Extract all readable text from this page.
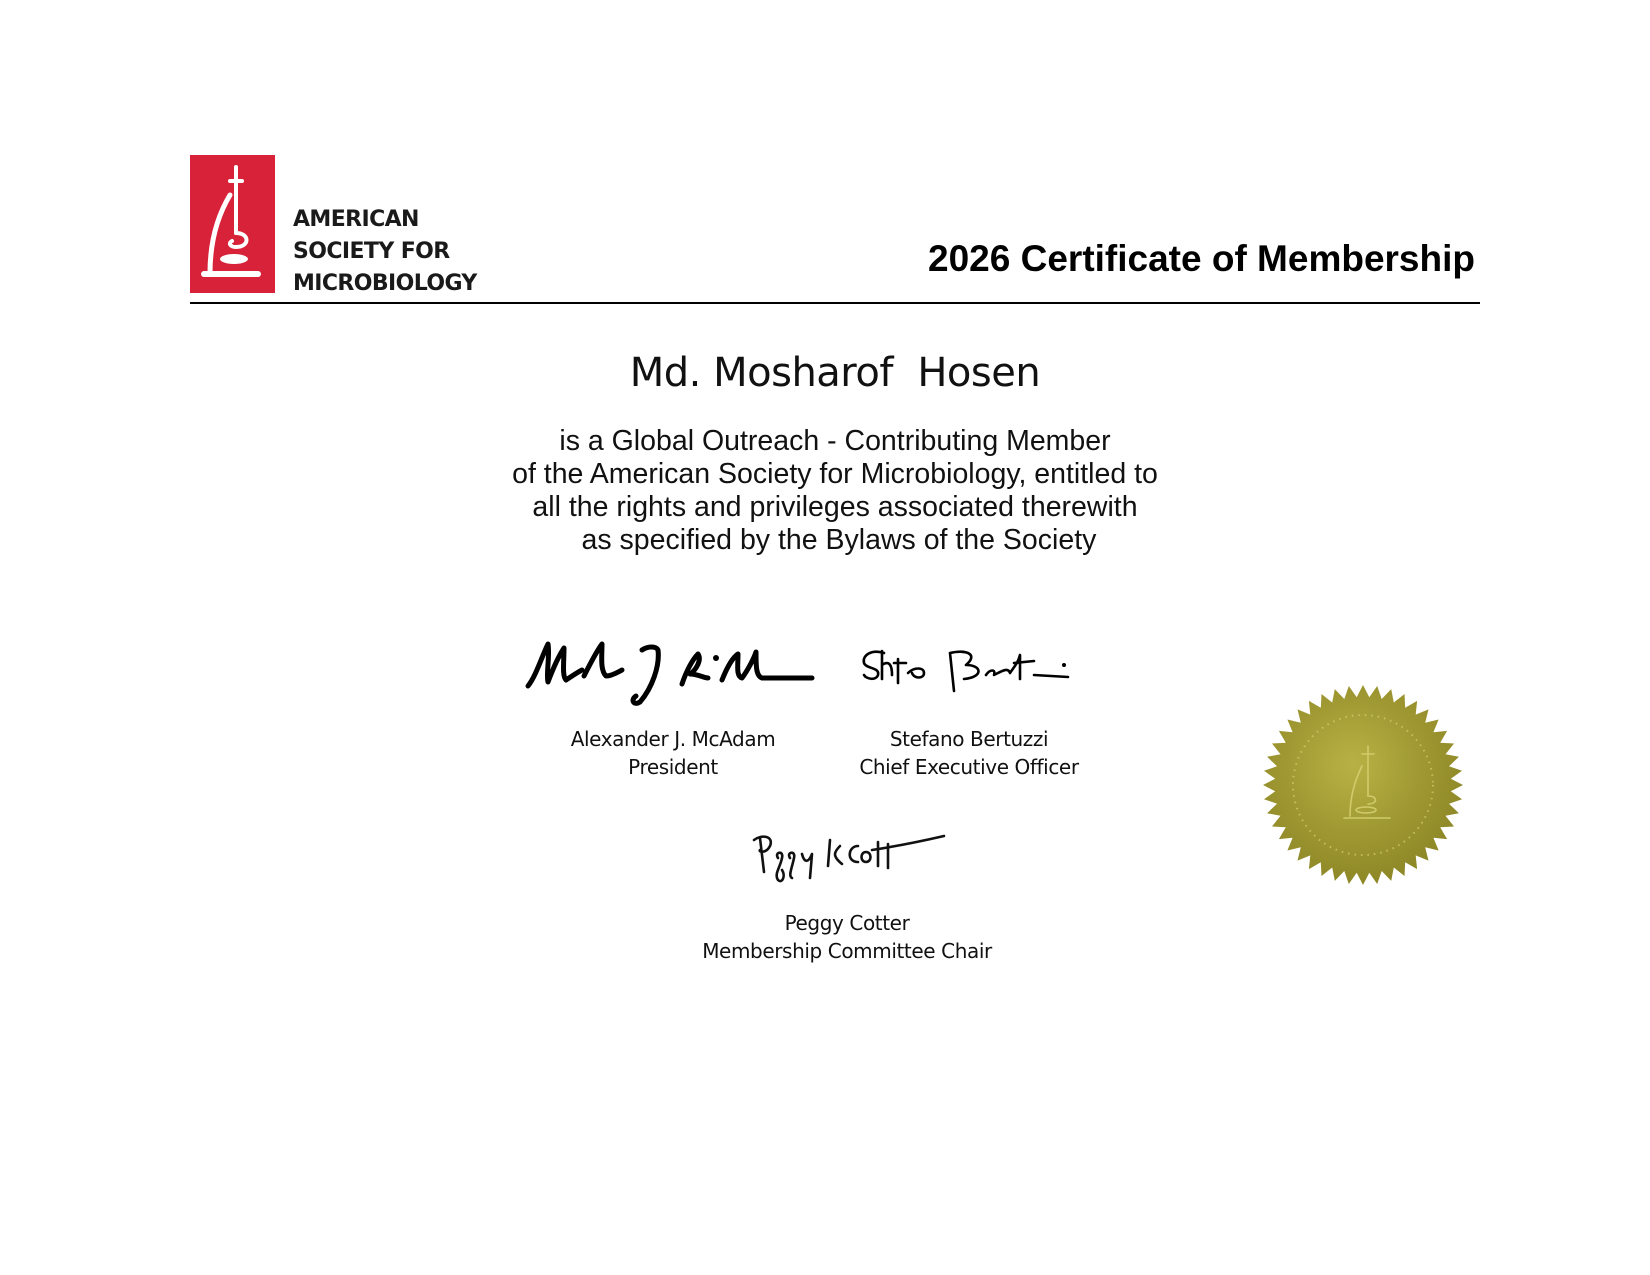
AMERICAN
SOCIETY FOR
MICROBIOLOGY
2026 Certificate of Membership
Md. Mosharof  Hosen
is a Global Outreach - Contributing Member
of the American Society for Microbiology, entitled to
all the rights and privileges associated therewith
as specified by the Bylaws of the Society
Alexander J. McAdam
President
Stefano Bertuzzi
Chief Executive Officer
Peggy Cotter
Membership Committee Chair
